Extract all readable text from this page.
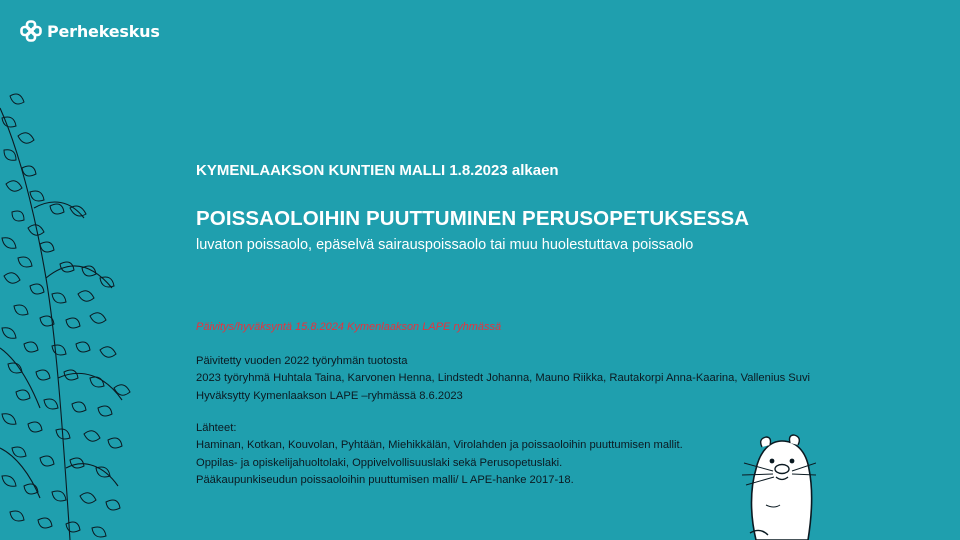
Perhekeskus

KYMENLAAKSON KUNTIEN MALLI 1.8.2023 alkaen

POISSAOLOIHIN PUUTTUMINEN PERUSOPETUKSESSA

luvaton poissaolo, epäselvä sairauspoissaolo tai muu huolestuttava poissaolo

Päivitys/hyväksyntä 15.8.2024 Kymenlaakson LAPE ryhmässä
Päivitetty vuoden 2022 työryhmän tuotosta
2023 työryhmä Huhtala Taina, Karvonen Henna, Lindstedt Johanna, Mauno Riikka, Rautakorpi Anna-Kaarina, Vallenius Suvi
Hyväksytty Kymenlaakson LAPE –ryhmässä 8.6.2023
Lähteet:
Haminan, Kotkan, Kouvolan, Pyhtään, Miehikkälän, Virolahden ja poissaoloihin puuttumisen mallit.
Oppilas- ja opiskelijahuoltolaki, Oppivelvollisuuslaki sekä Perusopetuslaki.
Pääkaupunkiseudun poissaoloihin puuttumisen malli/ L APE-hanke 2017-18.
